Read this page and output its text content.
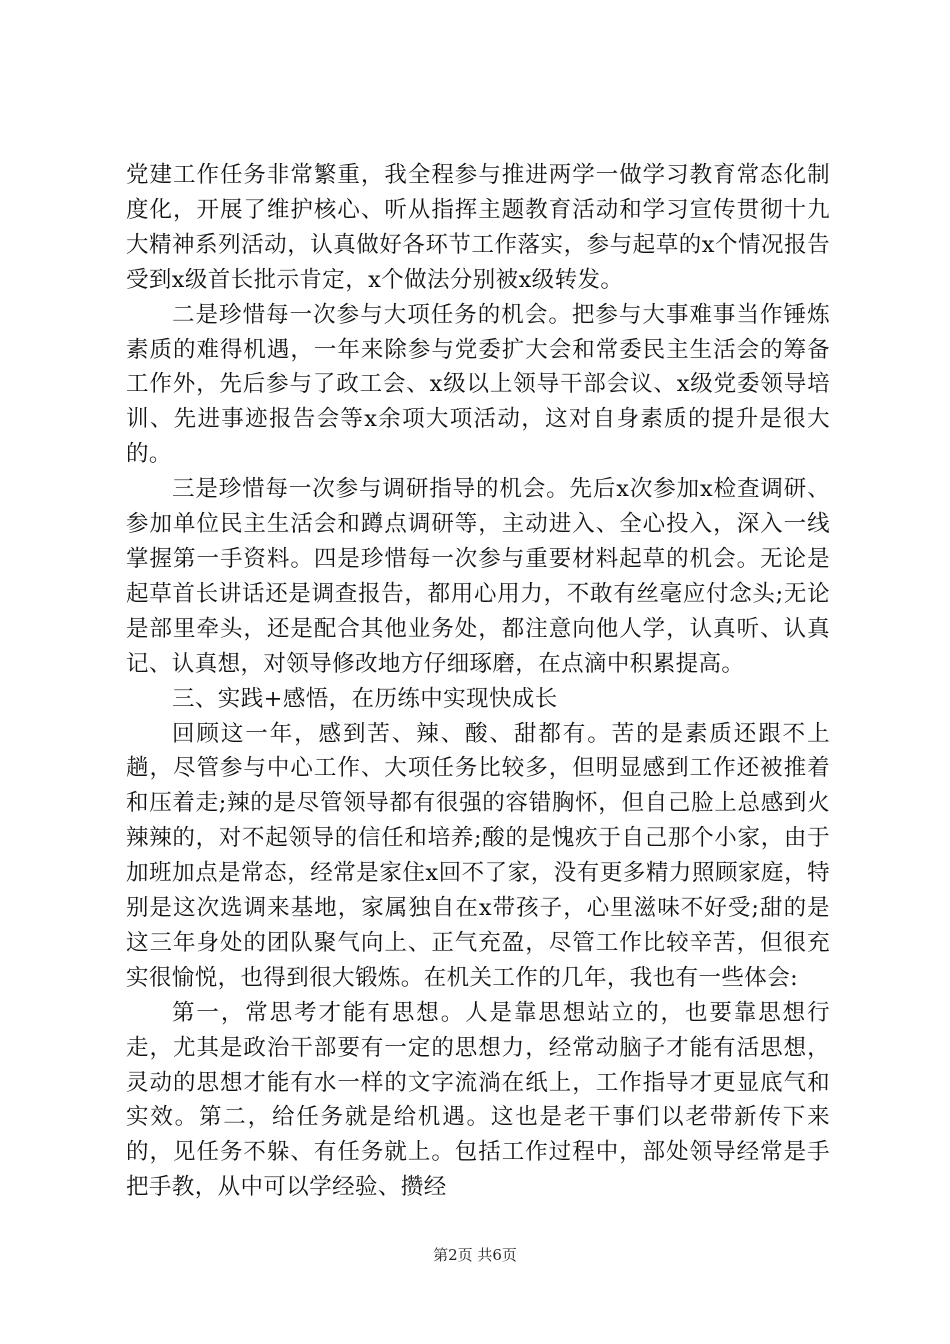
党建工作任务非常繁重，我全程参与推进两学一做学习教育常态化制度化，开展了维护核心、听从指挥主题教育活动和学习宣传贯彻十九大精神系列活动，认真做好各环节工作落实，参与起草的x个情况报告受到x级首长批示肯定，x个做法分别被x级转发。

二是珍惜每一次参与大项任务的机会。把参与大事难事当作锤炼素质的难得机遇，一年来除参与党委扩大会和常委民主生活会的筹备工作外，先后参与了政工会、x级以上领导干部会议、x级党委领导培训、先进事迹报告会等x余项大项活动，这对自身素质的提升是很大的。

三是珍惜每一次参与调研指导的机会。先后x次参加x检查调研、参加单位民主生活会和蹲点调研等，主动进入、全心投入，深入一线掌握第一手资料。四是珍惜每一次参与重要材料起草的机会。无论是起草首长讲话还是调查报告，都用心用力，不敢有丝毫应付念头;无论是部里牵头，还是配合其他业务处，都注意向他人学，认真听、认真记、认真想，对领导修改地方仔细琢磨，在点滴中积累提高。

三、实践+感悟，在历练中实现快成长

回顾这一年，感到苦、辣、酸、甜都有。苦的是素质还跟不上趟，尽管参与中心工作、大项任务比较多，但明显感到工作还被推着和压着走;辣的是尽管领导都有很强的容错胸怀，但自己脸上总感到火辣辣的，对不起领导的信任和培养;酸的是愧疚于自己那个小家，由于加班加点是常态，经常是家住x回不了家，没有更多精力照顾家庭，特别是这次选调来基地，家属独自在x带孩子，心里滋味不好受;甜的是这三年身处的团队聚气向上、正气充盈，尽管工作比较辛苦，但很充实很愉悦，也得到很大锻炼。在机关工作的几年，我也有一些体会:

第一，常思考才能有思想。人是靠思想站立的，也要靠思想行走，尤其是政治干部要有一定的思想力，经常动脑子才能有活思想，灵动的思想才能有水一样的文字流淌在纸上，工作指导才更显底气和实效。第二，给任务就是给机遇。这也是老干事们以老带新传下来的，见任务不躲、有任务就上。包括工作过程中，部处领导经常是手把手教，从中可以学经验、攒经

第2页 共6页
